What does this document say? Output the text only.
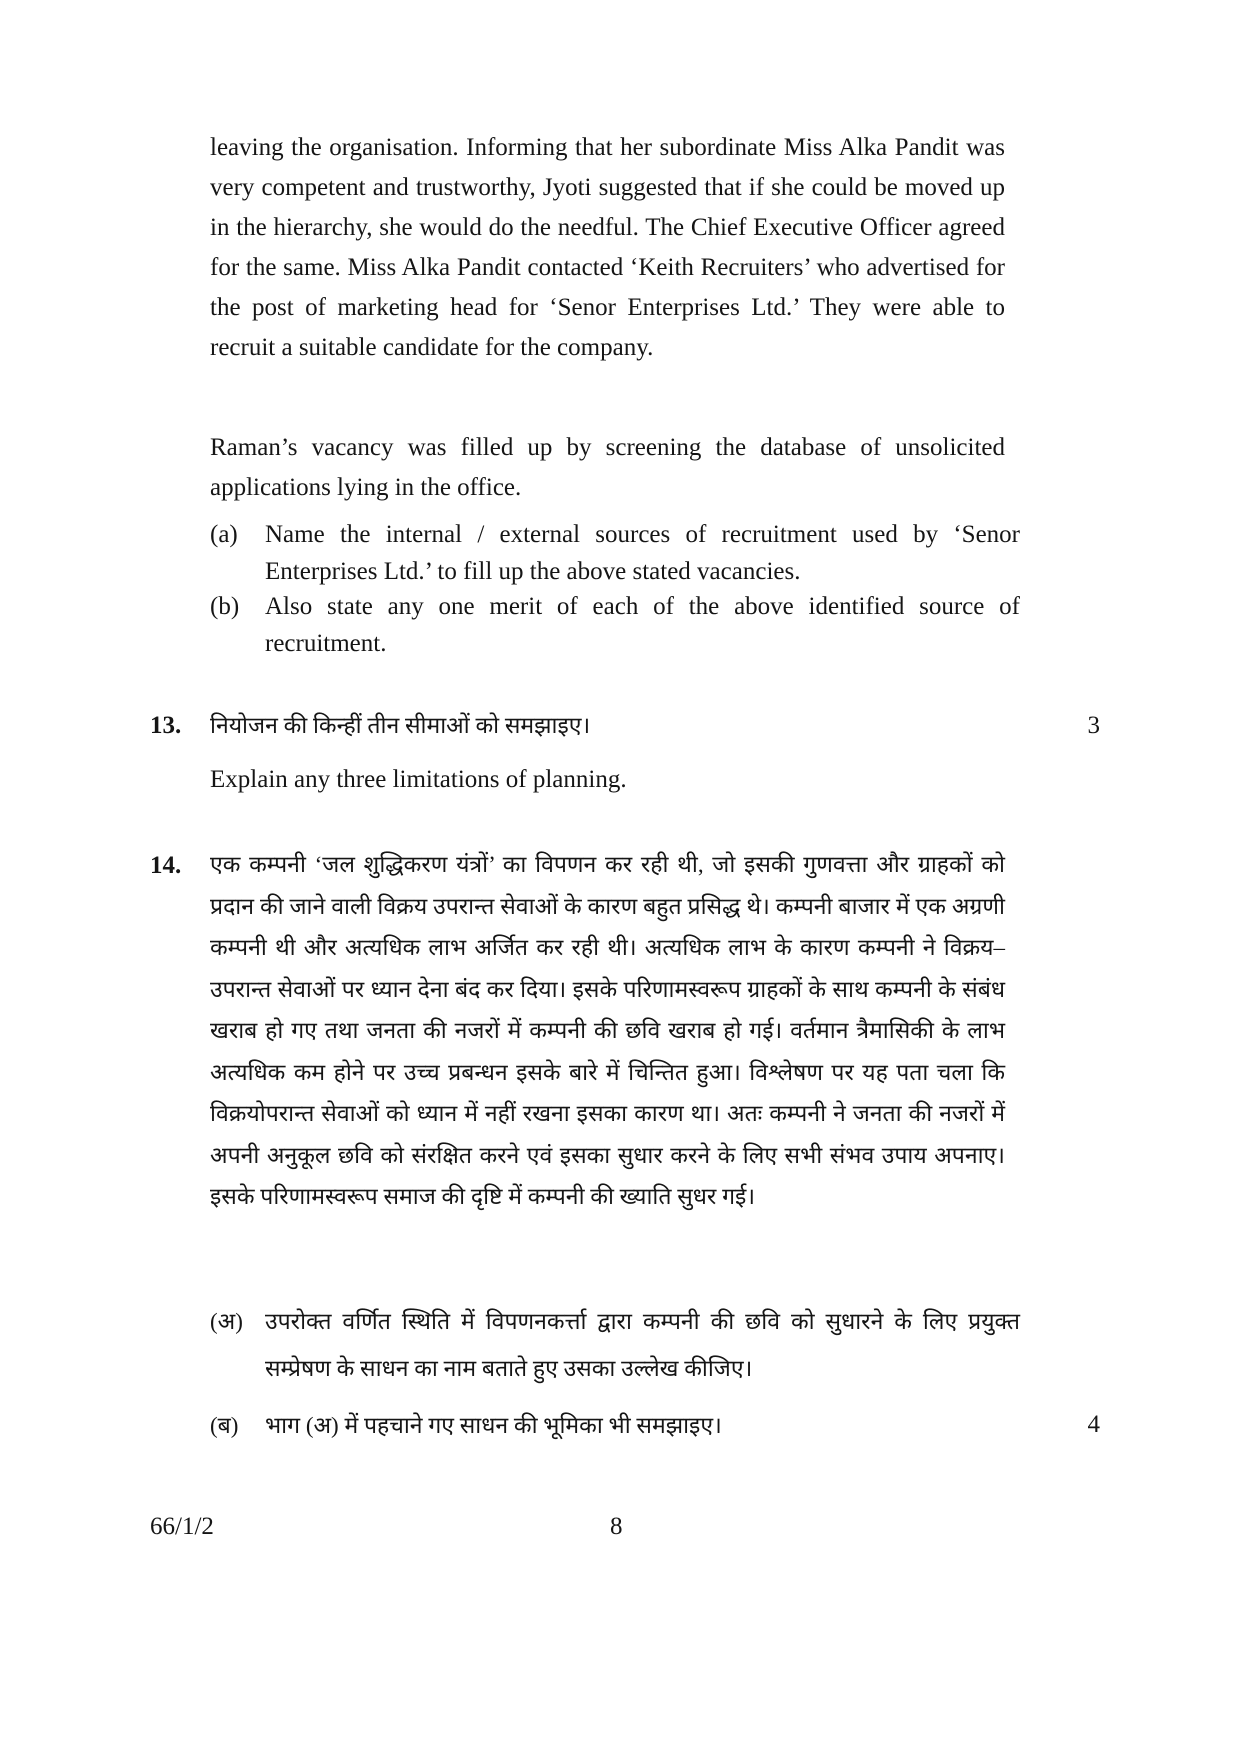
leaving the organisation. Informing that her subordinate Miss Alka Pandit was very competent and trustworthy, Jyoti suggested that if she could be moved up in the hierarchy, she would do the needful. The Chief Executive Officer agreed for the same. Miss Alka Pandit contacted ‘Keith Recruiters’ who advertised for the post of marketing head for ‘Senor Enterprises Ltd.’ They were able to recruit a suitable candidate for the company.

Raman’s vacancy was filled up by screening the database of unsolicited applications lying in the office.

(a)	Name the internal / external sources of recruitment used by ‘Senor Enterprises Ltd.’ to fill up the above stated vacancies.
(b)	Also state any one merit of each of the above identified source of recruitment.
13. नियोजन की किन्हीं तीन सीमाओं को समझाइए।	3

Explain any three limitations of planning.

14. एक कम्पनी ‘जल शुद्धिकरण यंत्रों’ का विपणन कर रही थी, जो इसकी गुणवत्ता और ग्राहकों को प्रदान की जाने वाली विक्रय उपरान्त सेवाओं के कारण बहुत प्रसिद्ध थे। कम्पनी बाजार में एक अग्रणी कम्पनी थी और अत्यधिक लाभ अर्जित कर रही थी। अत्यधिक लाभ के कारण कम्पनी ने विक्रय–उपरान्त सेवाओं पर ध्यान देना बंद कर दिया। इसके परिणामस्वरूप ग्राहकों के साथ कम्पनी के संबंध खराब हो गए तथा जनता की नजरों में कम्पनी की छवि खराब हो गई। वर्तमान त्रैमासिकी के लाभ अत्यधिक कम होने पर उच्च प्रबन्धन इसके बारे में चिन्तित हुआ। विश्लेषण पर यह पता चला कि विक्रयोपरान्त सेवाओं को ध्यान में नहीं रखना इसका कारण था। अतः कम्पनी ने जनता की नजरों में अपनी अनुकूल छवि को संरक्षित करने एवं इसका सुधार करने के लिए सभी संभव उपाय अपनाए। इसके परिणामस्वरूप समाज की दृष्टि में कम्पनी की ख्याति सुधर गई।

(अ) उपरोक्त वर्णित स्थिति में विपणनकर्त्ता द्वारा कम्पनी की छवि को सुधारने के लिए प्रयुक्त सम्प्रेषण के साधन का नाम बताते हुए उसका उल्लेख कीजिए।
(ब)	भाग (अ) में पहचाने गए साधन की भूमिका भी समझाइए।	4
66/1/2	8
